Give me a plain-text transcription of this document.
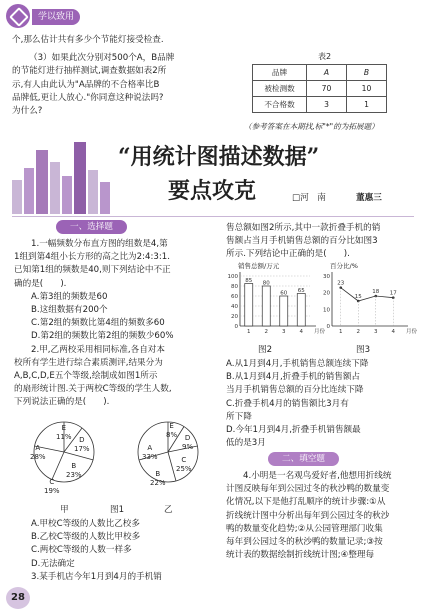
学以致用
个,那么估计共有多少个节能灯接受检查.
（3）如果此次分别对500个A，B品牌
的节能灯进行抽样测试,调查数据如表2所
示,有人由此认为"A品牌的不合格率比B
品牌低,更让人放心."你同意这种说法吗?
为什么?
表2
品牌	A	B
被检测数	70	10
不合格数	3	1
（参考答案在本期找,标"*"的为拓展题）
“用统计图描述数据”
要点攻克	□河　南	董惠三
一、选择题
1.一幅频数分布直方图的组数是4,第
1组到第4组小长方形的高之比为2:4:3:1.
已知第1组的频数是40,则下列结论中不正
确的是(　　).
A.第3组的频数是60
B.这组数据有200个
C.第2组的频数比第4组的频数多60
D.第2组的频数比第2组的频数少60%
2.甲,乙两校采用相同标准,各自对本
校所有学生进行综合素质测评,结果分为
A,B,C,D,E五个等级,绘制成如图1所示
的扇形统计图.关于两校C等级的学生人数,
下列说法正确的是(　　).
A
28%
B
23%
C
19%
D
17%
E
11%
A
33%
B
22%
C
25%
D
9%
E
8%
甲	图1	乙
A.甲校C等级的人数比乙校多
B.乙校C等级的人数比甲校多
C.两校C等级的人数一样多
D.无法确定
3.某手机店今年1月到4月的手机销
售总额如图2所示,其中一款折叠手机的销
售额占当月手机销售总额的百分比如图3
所示.下列结论中正确的是(　　).
0
20
40
60
80
100
85
1
80
2
60
3
65
4 月份
销售总额/万元
图2
0
10
20
30
23
1
15
2
18
3
17
4 月份
百分比/%
图3
A.从1月到4月,手机销售总额连续下降
B.从1月到4月,折叠手机的销售额占
当月手机销售总额的百分比连续下降
C.折叠手机4月的销售额比3月有
所下降
D.今年1月到4月,折叠手机销售额最
低的是3月
二、填空题
4.小明是一名观鸟爱好者,他想用折线统
计图反映每年到公园过冬的秋沙鸭的数量变
化情况,以下是他打乱顺序的统计步骤:①从
折线统计图中分析出每年到公园过冬的秋沙
鸭的数量变化趋势;②从公园管理部门收集
每年到公园过冬的秋沙鸭的数量记录;③按
统计表的数据绘制折线统计图;④整理每
28
